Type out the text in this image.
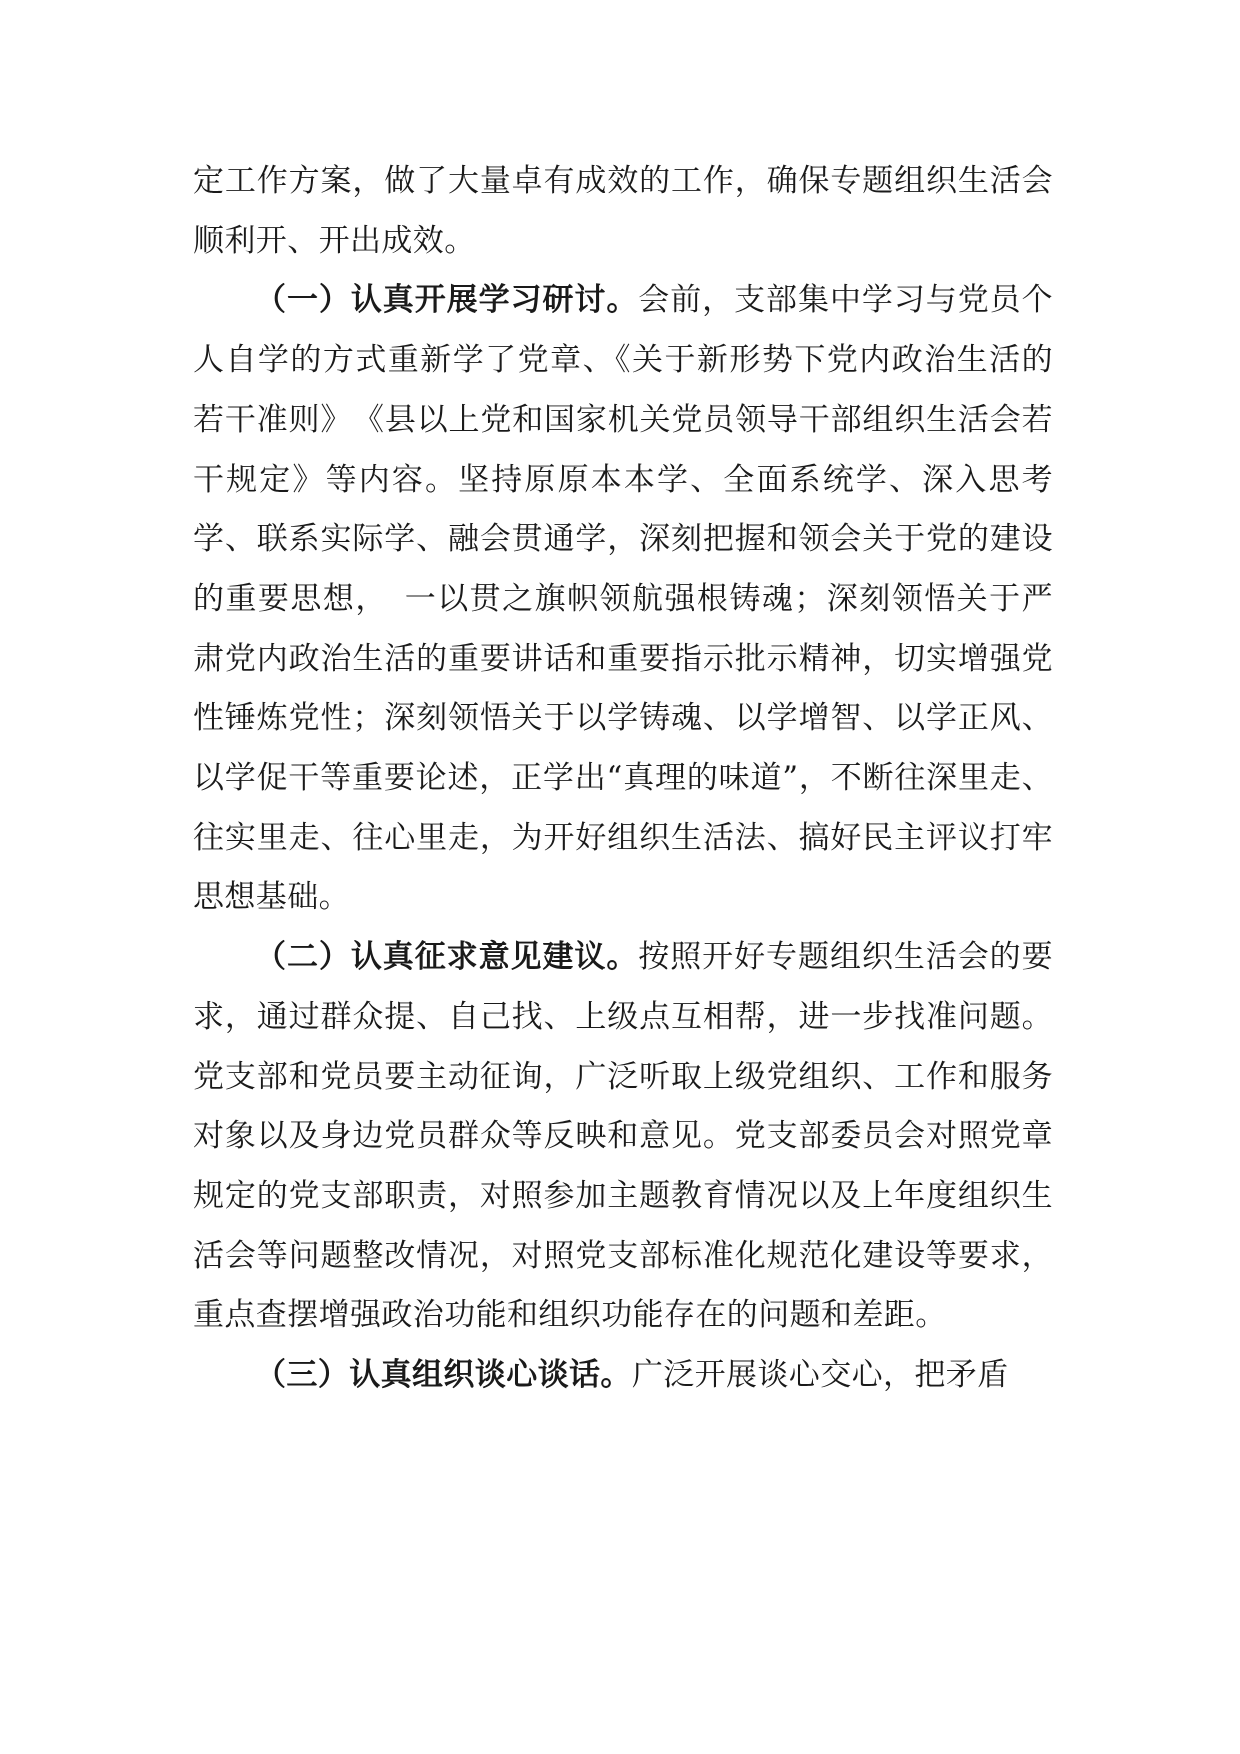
定工作方案，做了大量卓有成效的工作，确保专题组织生活会顺利开、开出成效。

（一）认真开展学习研讨。会前，支部集中学习与党员个人自学的方式重新学了党章、《关于新形势下党内政治生活的若干准则》　《县以上党和国家机关党员领导干部组织生活会若干规定》等内容。坚持原原本本学、全面系统学、深入思考学、联系实际学、融会贯通学，深刻把握和领会关于党的建设的重要思想，　一以贯之旗帜领航强根铸魂；深刻领悟关于严肃党内政治生活的重要讲话和重要指示批示精神，切实增强党性锤炼党性；深刻领悟关于以学铸魂、以学增智、以学正风、以学促干等重要论述，正学出“真理的味道”，不断往深里走、往实里走、往心里走，为开好组织生活法、搞好民主评议打牢思想基础。

（二）认真征求意见建议。按照开好专题组织生活会的要求，通过群众提、自己找、上级点互相帮，进一步找准问题。党支部和党员要主动征询，广泛听取上级党组织、工作和服务对象以及身边党员群众等反映和意见。党支部委员会对照党章规定的党支部职责，对照参加主题教育情况以及上年度组织生活会等问题整改情况，对照党支部标准化规范化建设等要求，重点查摆增强政治功能和组织功能存在的问题和差距。

（三）认真组织谈心谈话。广泛开展谈心交心，把矛盾
